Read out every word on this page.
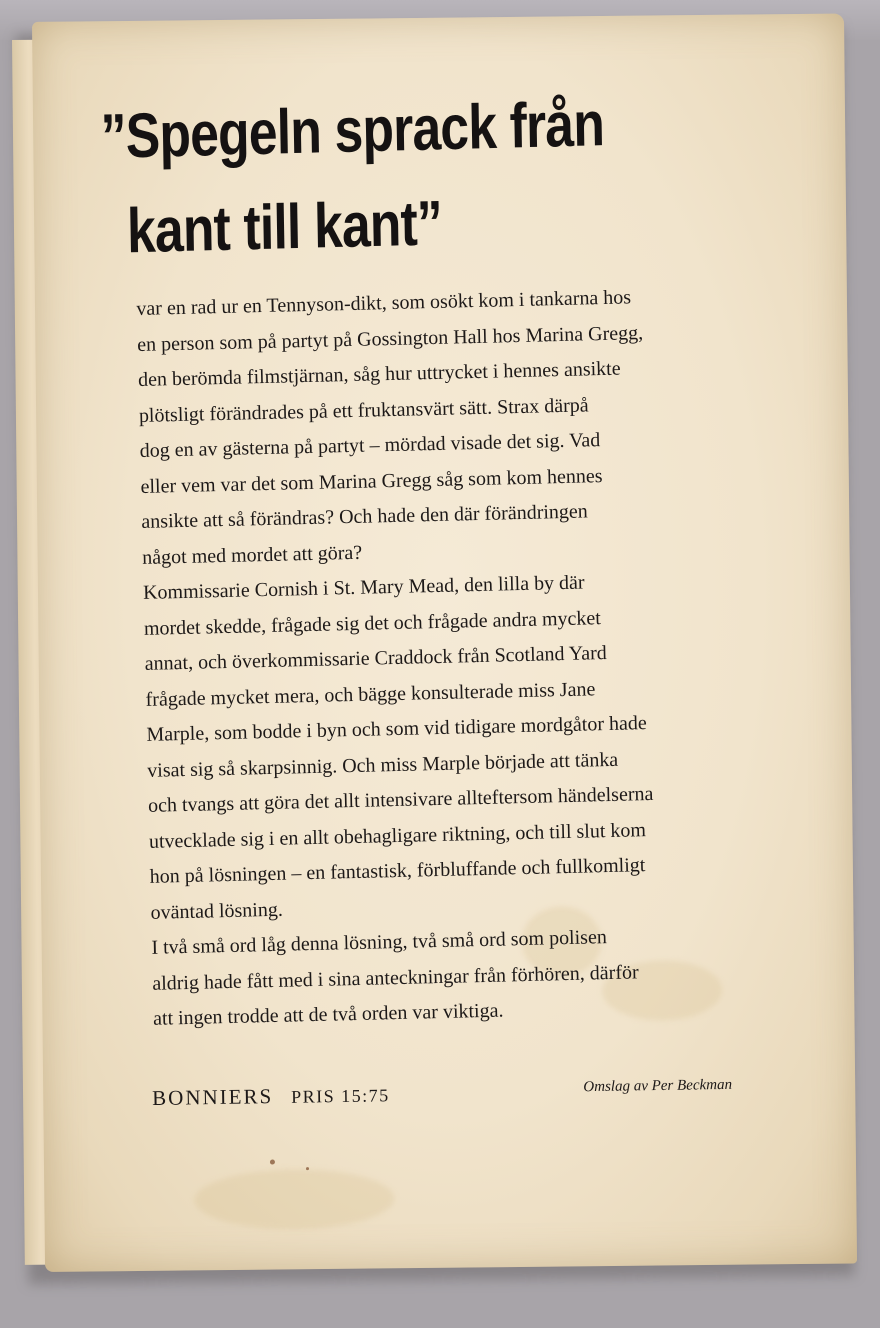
”Spegeln sprack från
kant till kant”

var en rad ur en Tennyson-dikt, som osökt kom i tankarna hos
en person som på partyt på Gossington Hall hos Marina Gregg,
den berömda filmstjärnan, såg hur uttrycket i hennes ansikte
plötsligt förändrades på ett fruktansvärt sätt. Strax därpå
dog en av gästerna på partyt – mördad visade det sig. Vad
eller vem var det som Marina Gregg såg som kom hennes
ansikte att så förändras? Och hade den där förändringen
något med mordet att göra?

Kommissarie Cornish i St. Mary Mead, den lilla by där
mordet skedde, frågade sig det och frågade andra mycket
annat, och överkommissarie Craddock från Scotland Yard
frågade mycket mera, och bägge konsulterade miss Jane
Marple, som bodde i byn och som vid tidigare mordgåtor hade
visat sig så skarpsinnig. Och miss Marple började att tänka
och tvangs att göra det allt intensivare allteftersom händelserna
utvecklade sig i en allt obehagligare riktning, och till slut kom
hon på lösningen – en fantastisk, förbluffande och fullkomligt
oväntad lösning.

I två små ord låg denna lösning, två små ord som polisen
aldrig hade fått med i sina anteckningar från förhören, därför
att ingen trodde att de två orden var viktiga.

BONNIERS PRIS 15:75	Omslag av Per Beckman
